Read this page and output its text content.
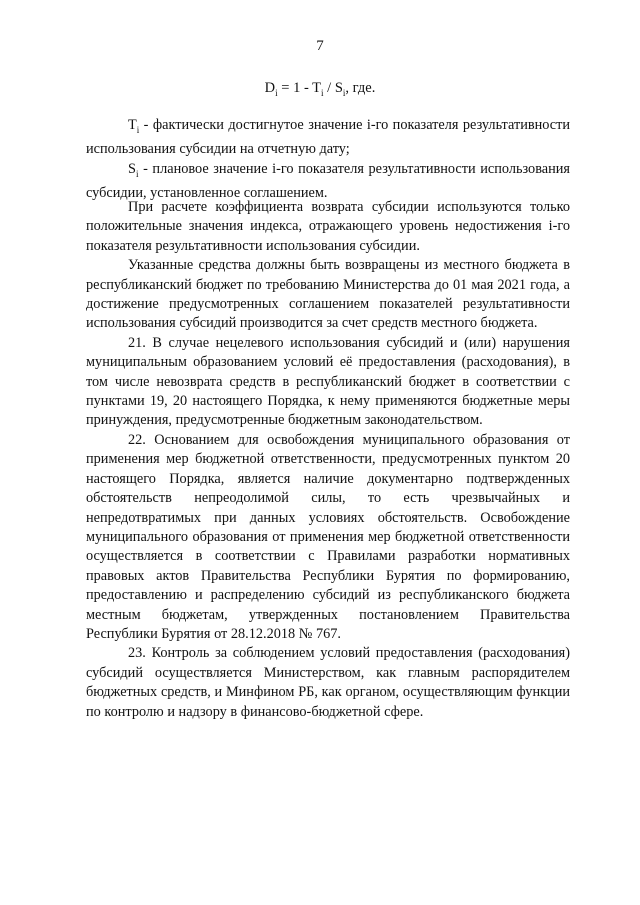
7
$D_i = 1 - T_i / S_i$, где.

$T_i$ - фактически достигнутое значение i-го показателя результативности использования субсидии на отчетную дату;

$S_i$ - плановое значение i-го показателя результативности использования субсидии, установленное соглашением.

При расчете коэффициента возврата субсидии используются только положительные значения индекса, отражающего уровень недостижения i-го показателя результативности использования субсидии.

Указанные средства должны быть возвращены из местного бюджета в республиканский бюджет по требованию Министерства до 01 мая 2021 года, а достижение предусмотренных соглашением показателей результативности использования субсидий производится за счет средств местного бюджета.

21. В случае нецелевого использования субсидий и (или) нарушения муниципальным образованием условий её предоставления (расходования), в том числе невозврата средств в республиканский бюджет в соответствии с пунктами 19, 20 настоящего Порядка, к нему применяются бюджетные меры принуждения, предусмотренные бюджетным законодательством.

22. Основанием для освобождения муниципального образования от применения мер бюджетной ответственности, предусмотренных пунктом 20 настоящего Порядка, является наличие документарно подтвержденных обстоятельств непреодолимой силы, то есть чрезвычайных и непредотвратимых при данных условиях обстоятельств. Освобождение муниципального образования от применения мер бюджетной ответственности осуществляется в соответствии с Правилами разработки нормативных правовых актов Правительства Республики Бурятия по формированию, предоставлению и распределению субсидий из республиканского бюджета местным бюджетам, утвержденных постановлением Правительства Республики Бурятия от 28.12.2018 № 767.

23. Контроль за соблюдением условий предоставления (расходования) субсидий осуществляется Министерством, как главным распорядителем бюджетных средств, и Минфином РБ, как органом, осуществляющим функции по контролю и надзору в финансово-бюджетной сфере.
